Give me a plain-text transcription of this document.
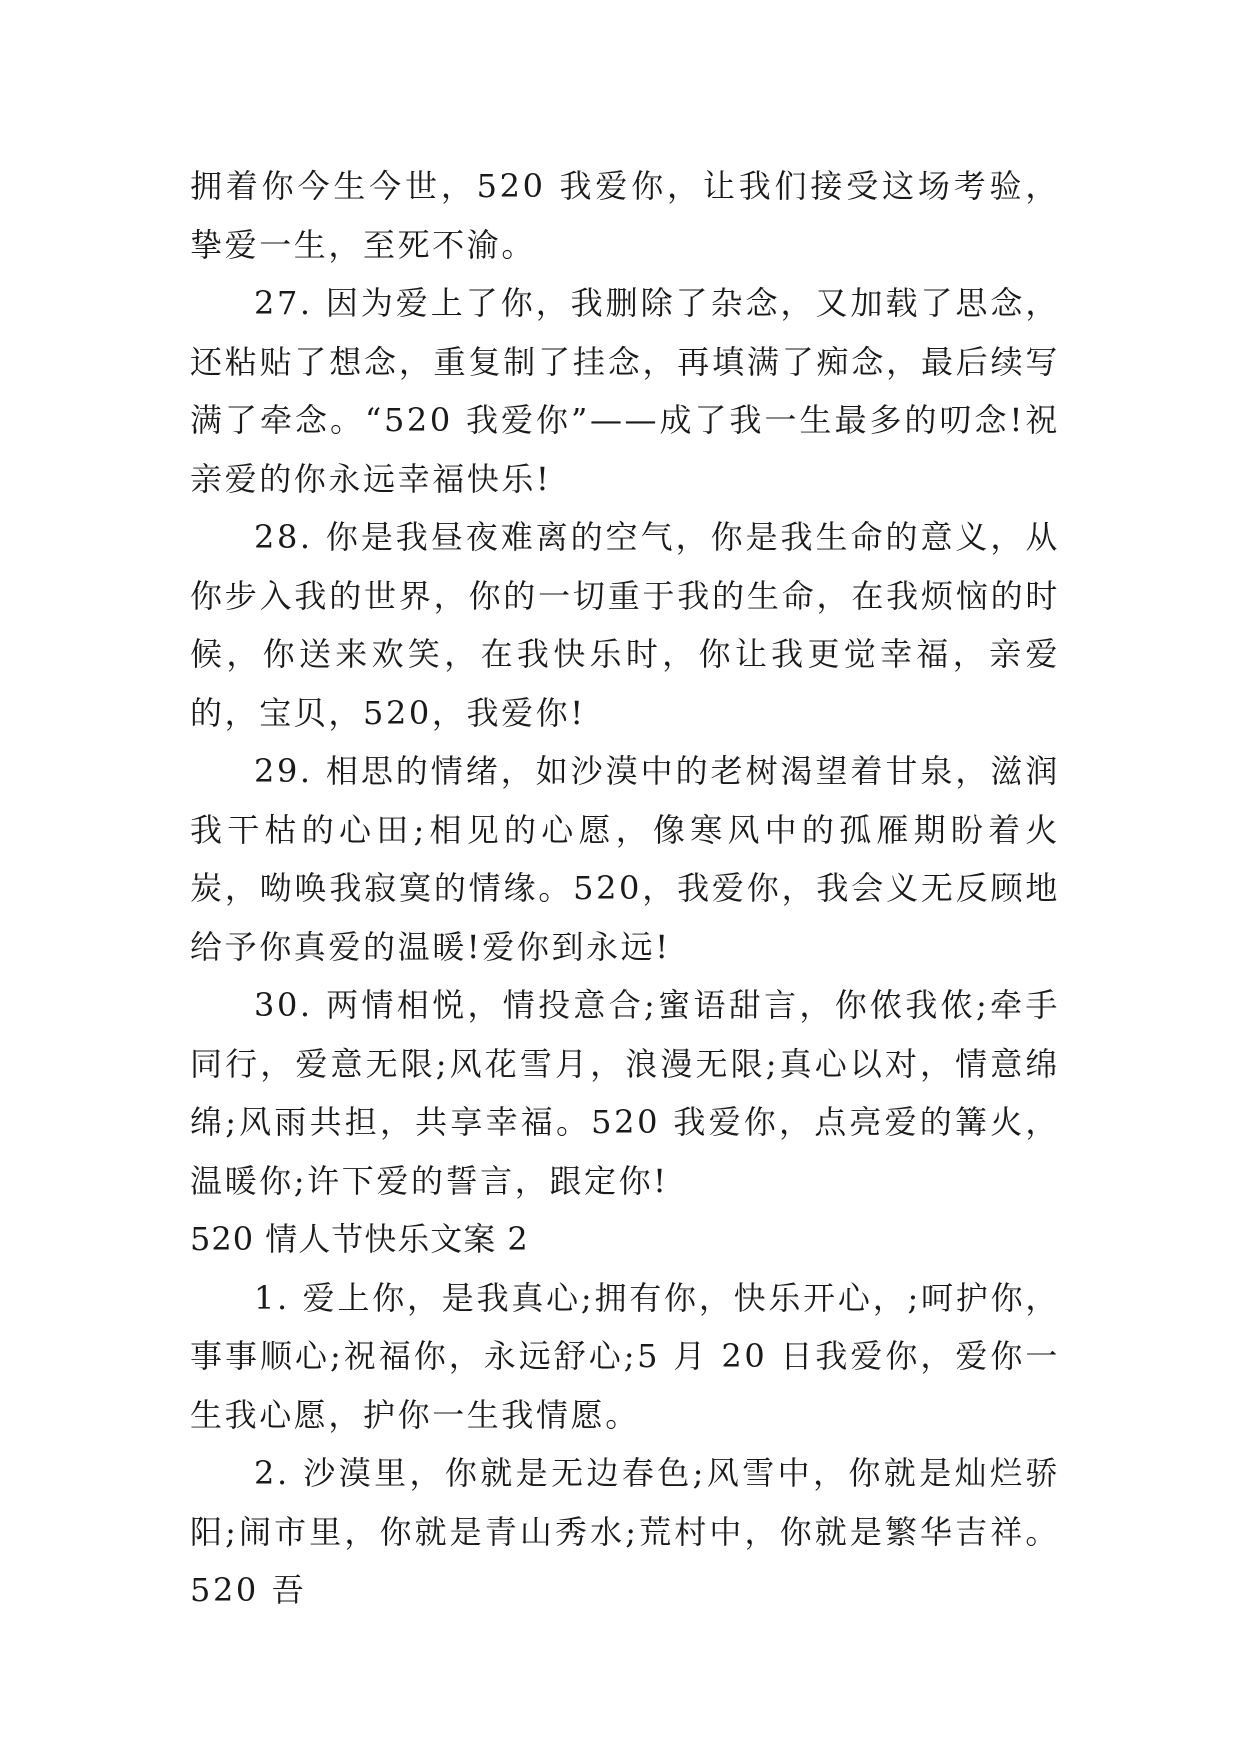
拥着你今生今世，520 我爱你，让我们接受这场考验，挚爱一生，至死不渝。

27. 因为爱上了你，我删除了杂念，又加载了思念，还粘贴了想念，重复制了挂念，再填满了痴念，最后续写满了牵念。“520 我爱你”——成了我一生最多的叨念!祝亲爱的你永远幸福快乐!

28. 你是我昼夜难离的空气，你是我生命的意义，从你步入我的世界，你的一切重于我的生命，在我烦恼的时候，你送来欢笑，在我快乐时，你让我更觉幸福，亲爱的，宝贝，520，我爱你!

29. 相思的情绪，如沙漠中的老树渴望着甘泉，滋润我干枯的心田;相见的心愿，像寒风中的孤雁期盼着火炭，呦唤我寂寞的情缘。520，我爱你，我会义无反顾地给予你真爱的温暖!爱你到永远!

30. 两情相悦，情投意合;蜜语甜言，你侬我侬;牵手同行，爱意无限;风花雪月，浪漫无限;真心以对，情意绵绵;风雨共担，共享幸福。520 我爱你，点亮爱的篝火，温暖你;许下爱的誓言，跟定你!

520 情人节快乐文案 2

1. 爱上你，是我真心;拥有你，快乐开心，;呵护你，事事顺心;祝福你，永远舒心;5 月 20 日我爱你，爱你一生我心愿，护你一生我情愿。

2. 沙漠里，你就是无边春色;风雪中，你就是灿烂骄阳;闹市里，你就是青山秀水;荒村中，你就是繁华吉祥。520 吾
